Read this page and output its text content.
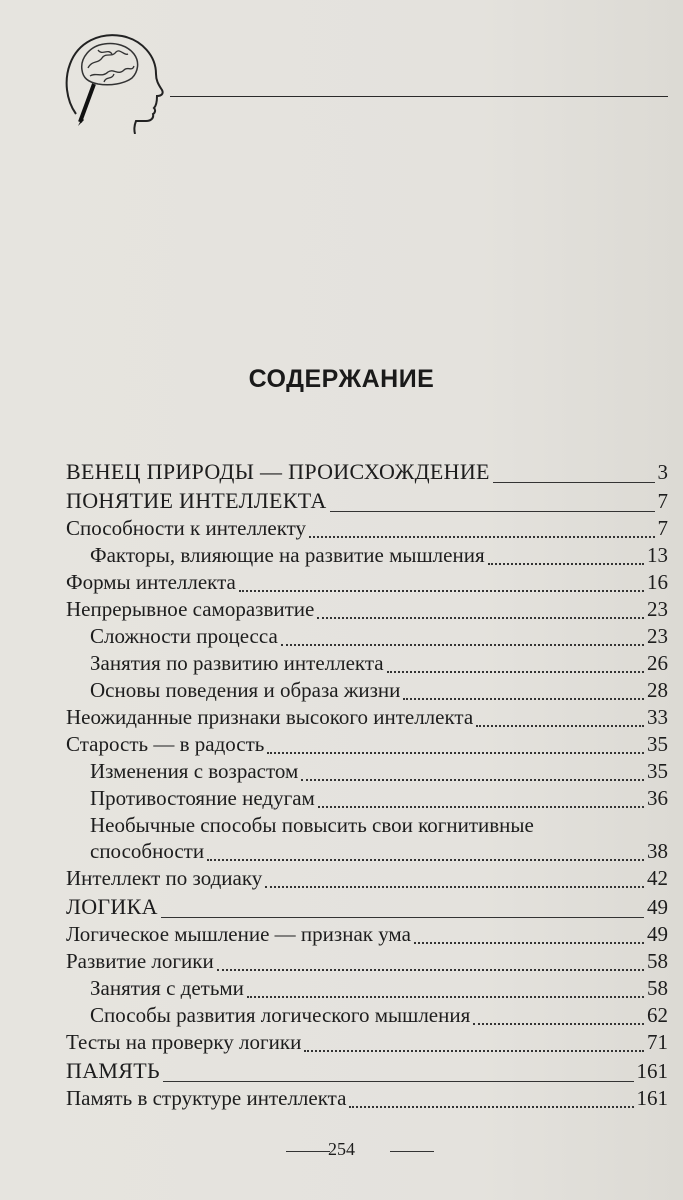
СОДЕРЖАНИЕ
ВЕНЕЦ ПРИРОДЫ — ПРОИСХОЖДЕНИЕ	3
ПОНЯТИЕ ИНТЕЛЛЕКТА	7
Способности к интеллекту	7
Факторы, влияющие на развитие мышления	13
Формы интеллекта	16
Непрерывное саморазвитие	23
Сложности процесса	23
Занятия по развитию интеллекта	26
Основы поведения и образа жизни	28
Неожиданные признаки высокого интеллекта	33
Старость — в радость	35
Изменения с возрастом	35
Противостояние недугам	36
Необычные способы повысить свои когнитивные
способности	38
Интеллект по зодиаку	42
ЛОГИКА	49
Логическое мышление — признак ума	49
Развитие логики	58
Занятия с детьми	58
Способы развития логического мышления	62
Тесты на проверку логики	71
ПАМЯТЬ	161
Память в структуре интеллекта	161
254
